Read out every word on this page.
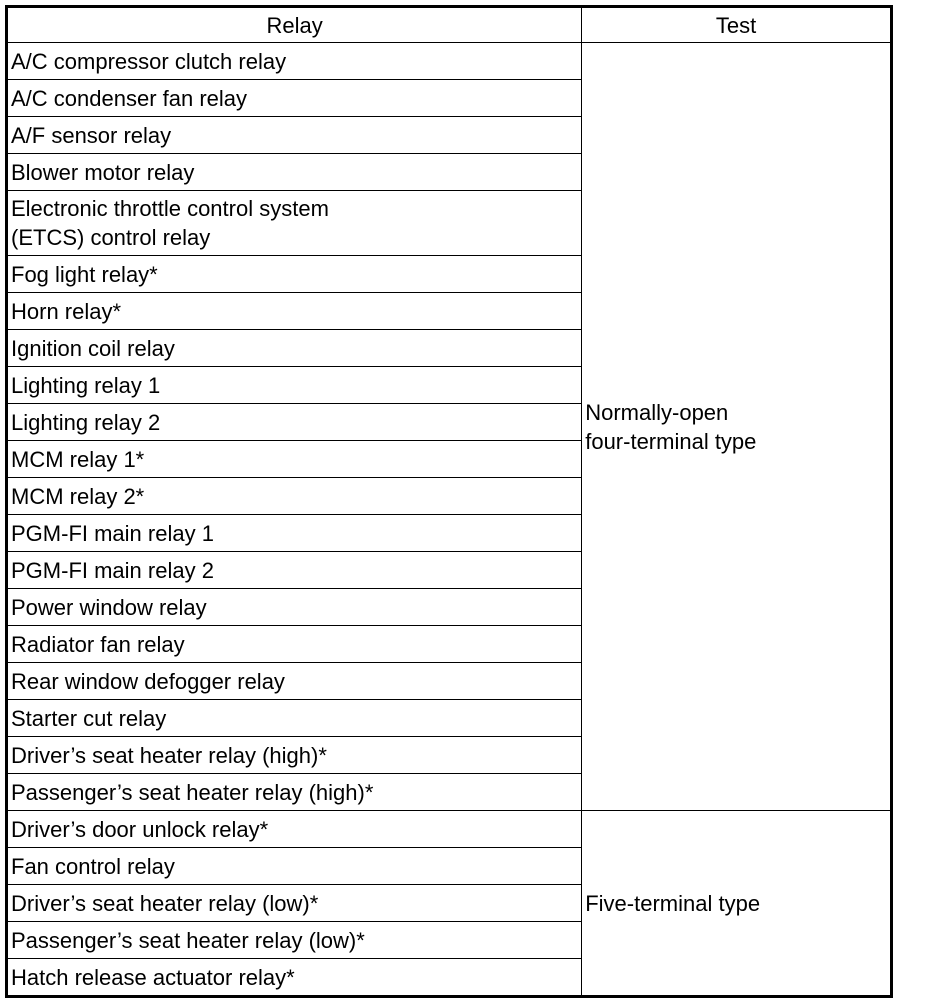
Relay	Test
A/C compressor clutch relay	Normally-open
four-terminal type

A/C condenser fan relay	
A/F sensor relay	
Blower motor relay	
Electronic throttle control system
(ETCS) control relay	
Fog light relay*	
Horn relay*	
Ignition coil relay	
Lighting relay 1	
Lighting relay 2	
MCM relay 1*	
MCM relay 2*	
PGM-FI main relay 1	
PGM-FI main relay 2	
Power window relay	
Radiator fan relay	
Rear window defogger relay	
Starter cut relay	
Driver’s seat heater relay (high)*	
Passenger’s seat heater relay (high)*	
Driver’s door unlock relay*	Five-terminal type

Fan control relay	
Driver’s seat heater relay (low)*	
Passenger’s seat heater relay (low)*	
Hatch release actuator relay*	
